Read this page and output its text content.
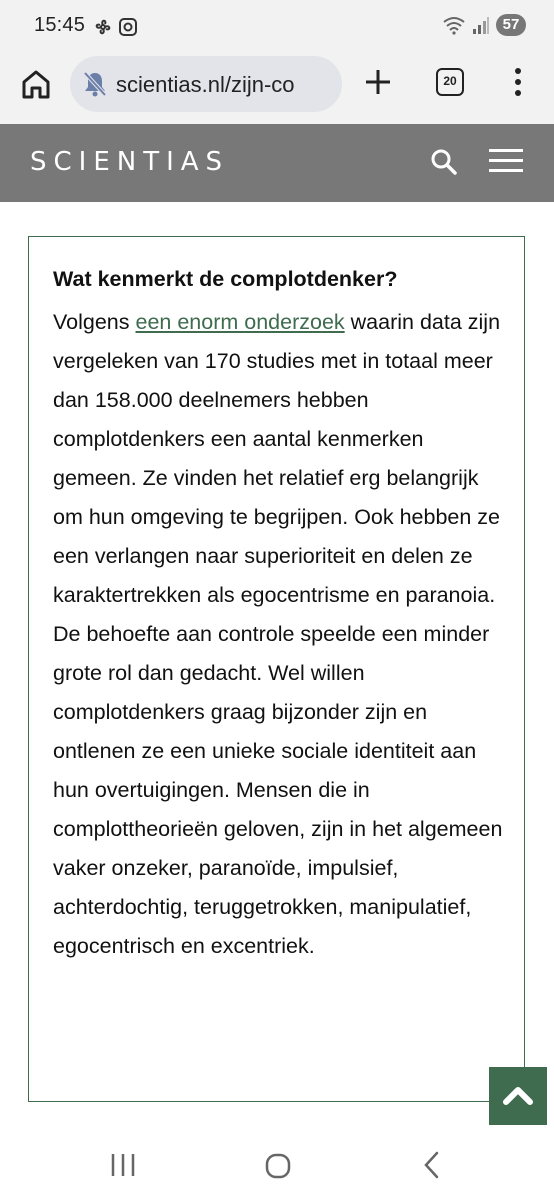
15:45	57
scientias.nl/zijn-co	20
SCIENTIAS
Wat kenmerkt de complotdenker?
Volgens een enorm onderzoek waarin data zijn vergeleken van 170 studies met in totaal meer dan 158.000 deelnemers hebben complotdenkers een aantal kenmerken gemeen. Ze vinden het relatief erg belangrijk om hun omgeving te begrijpen. Ook hebben ze een verlangen naar superioriteit en delen ze karaktertrekken als egocentrisme en paranoia. De behoefte aan controle speelde een minder grote rol dan gedacht. Wel willen complotdenkers graag bijzonder zijn en ontlenen ze een unieke sociale identiteit aan hun overtuigingen. Mensen die in complottheorieën geloven, zijn in het algemeen vaker onzeker, paranoïde, impulsief, achterdochtig, teruggetrokken, manipulatief, egocentrisch en excentriek.
